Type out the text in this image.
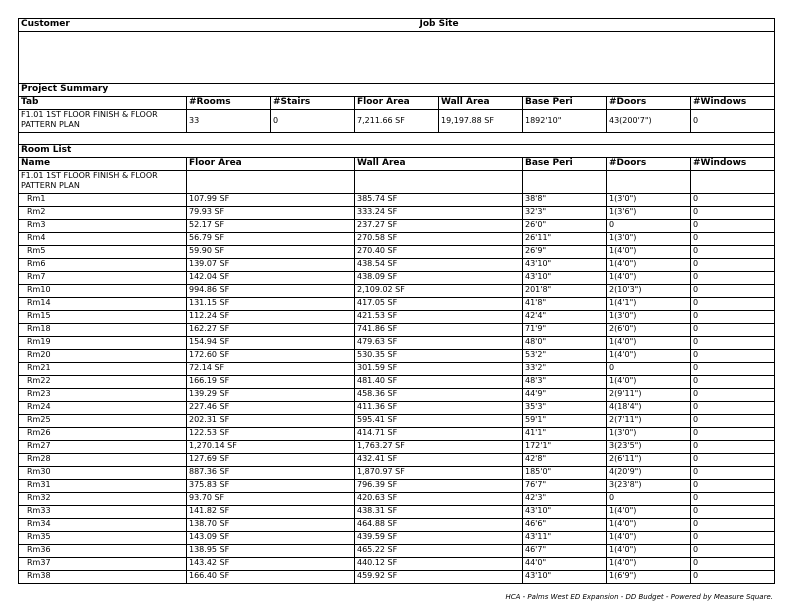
Customer	Job Site

Project Summary							
Tab	#Rooms	#Stairs	Floor Area	Wall Area	Base Peri	#Doors	#Windows
F1.01 1ST FLOOR FINISH & FLOOR PATTERN PLAN	33	0	7,211.66 SF	19,197.88 SF	1892'10"	43(200'7")	0

Room List					
Name	Floor Area	Wall Area	Base Peri	#Doors	#Windows
F1.01 1ST FLOOR FINISH & FLOOR PATTERN PLAN					
Rm1	107.99 SF	385.74 SF	38'8"	1(3'0")	0
Rm2	79.93 SF	333.24 SF	32'3"	1(3'6")	0
Rm3	52.17 SF	237.27 SF	26'0"	0	0
Rm4	56.79 SF	270.58 SF	26'11"	1(3'0")	0
Rm5	59.90 SF	270.40 SF	26'9"	1(4'0")	0
Rm6	139.07 SF	438.54 SF	43'10"	1(4'0")	0
Rm7	142.04 SF	438.09 SF	43'10"	1(4'0")	0
Rm10	994.86 SF	2,109.02 SF	201'8"	2(10'3")	0
Rm14	131.15 SF	417.05 SF	41'8"	1(4'1")	0
Rm15	112.24 SF	421.53 SF	42'4"	1(3'0")	0
Rm18	162.27 SF	741.86 SF	71'9"	2(6'0")	0
Rm19	154.94 SF	479.63 SF	48'0"	1(4'0")	0
Rm20	172.60 SF	530.35 SF	53'2"	1(4'0")	0
Rm21	72.14 SF	301.59 SF	33'2"	0	0
Rm22	166.19 SF	481.40 SF	48'3"	1(4'0")	0
Rm23	139.29 SF	458.36 SF	44'9"	2(9'11")	0
Rm24	227.46 SF	411.36 SF	35'3"	4(18'4")	0
Rm25	202.31 SF	595.41 SF	59'1"	2(7'11")	0
Rm26	122.53 SF	414.71 SF	41'1"	1(3'0")	0
Rm27	1,270.14 SF	1,763.27 SF	172'1"	3(23'5")	0
Rm28	127.69 SF	432.41 SF	42'8"	2(6'11")	0
Rm30	887.36 SF	1,870.97 SF	185'0"	4(20'9")	0
Rm31	375.83 SF	796.39 SF	76'7"	3(23'8")	0
Rm32	93.70 SF	420.63 SF	42'3"	0	0
Rm33	141.82 SF	438.31 SF	43'10"	1(4'0")	0
Rm34	138.70 SF	464.88 SF	46'6"	1(4'0")	0
Rm35	143.09 SF	439.59 SF	43'11"	1(4'0")	0
Rm36	138.95 SF	465.22 SF	46'7"	1(4'0")	0
Rm37	143.42 SF	440.12 SF	44'0"	1(4'0")	0
Rm38	166.40 SF	459.92 SF	43'10"	1(6'9")	0
HCA - Palms West ED Expansion - DD Budget - Powered by Measure Square.
